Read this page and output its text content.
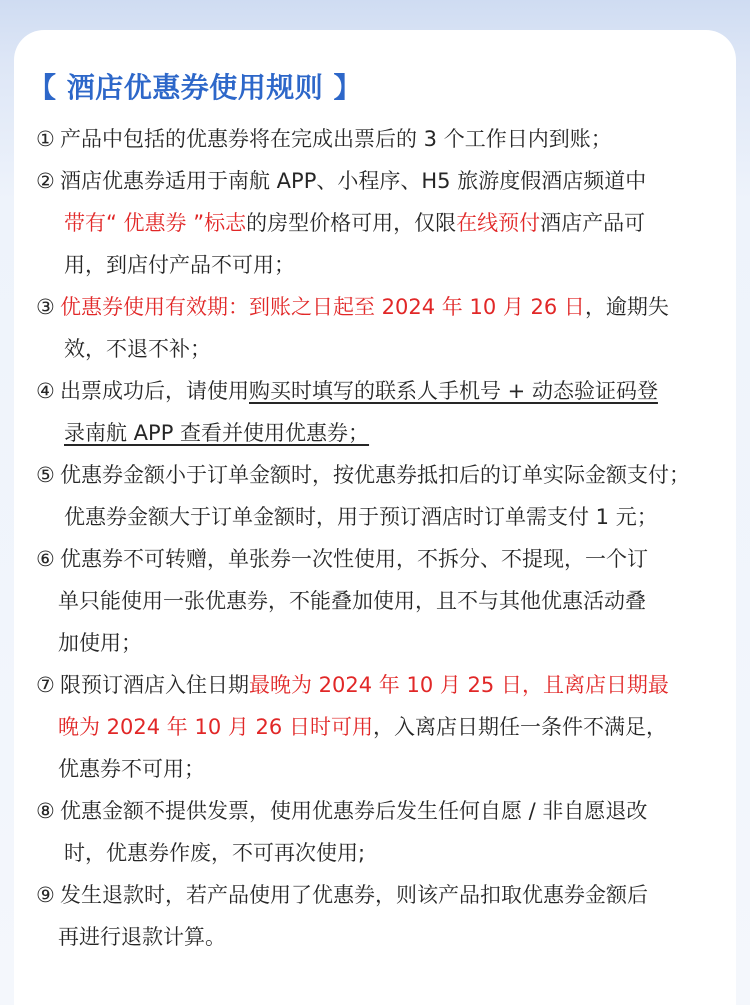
【 酒店优惠券使用规则 】
① 产品中包括的优惠券将在完成出票后的 3 个工作日内到账；
② 酒店优惠券适用于南航 APP、小程序、H5 旅游度假酒店频道中
带有“ 优惠券 ”标志的房型价格可用，仅限在线预付酒店产品可
用，到店付产品不可用；
③ 优惠券使用有效期：到账之日起至 2024 年 10 月 26 日，逾期失
效，不退不补；
④ 出票成功后，请使用购买时填写的联系人手机号 + 动态验证码登
录南航 APP 查看并使用优惠券；
⑤ 优惠券金额小于订单金额时，按优惠券抵扣后的订单实际金额支付；
优惠券金额大于订单金额时，用于预订酒店时订单需支付 1 元；
⑥ 优惠券不可转赠，单张券一次性使用，不拆分、不提现，一个订
单只能使用一张优惠券，不能叠加使用，且不与其他优惠活动叠
加使用；
⑦ 限预订酒店入住日期最晚为 2024 年 10 月 25 日，且离店日期最
晚为 2024 年 10 月 26 日时可用，入离店日期任一条件不满足，
优惠券不可用；
⑧ 优惠金额不提供发票，使用优惠券后发生任何自愿 / 非自愿退改
时，优惠券作废，不可再次使用;
⑨ 发生退款时，若产品使用了优惠券，则该产品扣取优惠券金额后
再进行退款计算。
